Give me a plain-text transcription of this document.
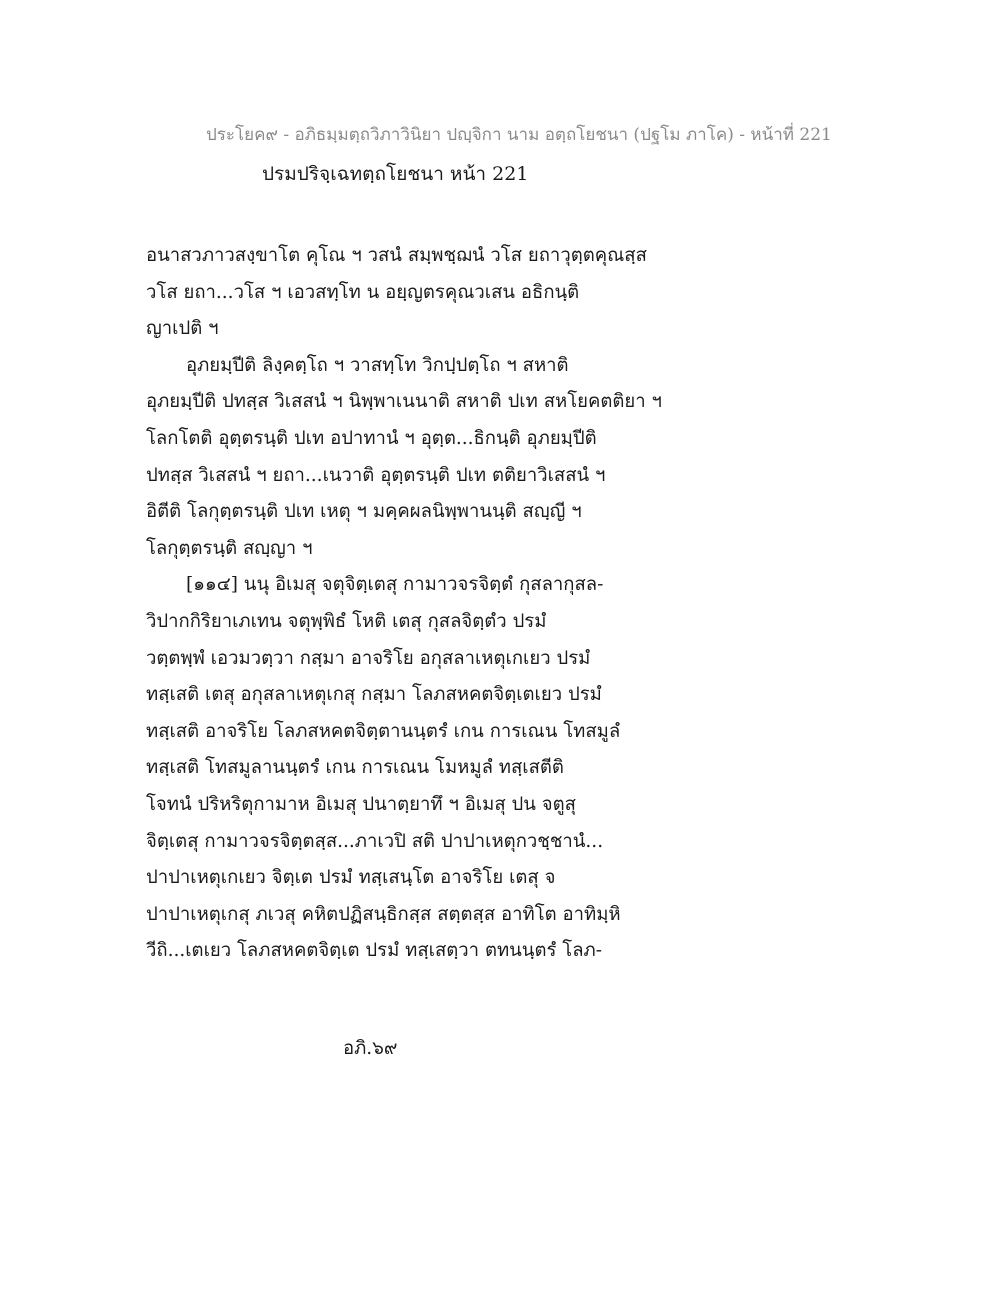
ประโยค๙ - อภิธมฺมตฺถวิภาวินิยา ปญฺจิกา นาม อตฺถโยชนา (ปฐโม ภาโค) - หน้าที่ 221
ปรมปริจฺเฉทตฺถโยชนา หน้า 221
อนาสวภาวสงฺขาโต คุโณ ฯ วสนํ สมฺพชฺฌนํ วโส ยถาวุตฺตคุณสฺส
วโส ยถา...วโส ฯ เอวสทฺโท น อยฺญตรคุณวเสน อธิกนฺติ
ญาเปติ ฯ
อุภยมฺปีติ ลิงฺคตฺโถ ฯ วาสทฺโท วิกปฺปตฺโถ ฯ สหาติ
อุภยมฺปีติ ปทสฺส วิเสสนํ ฯ นิพฺพาเนนาติ สหาติ ปเท สหโยคตติยา ฯ
โลกโตติ อุตฺตรนฺติ ปเท อปาทานํ ฯ อุตฺต...ธิกนฺติ อุภยมฺปีติ
ปทสฺส วิเสสนํ ฯ ยถา...เนวาติ อุตฺตรนฺติ ปเท ตติยาวิเสสนํ ฯ
อิตีติ โลกุตฺตรนฺติ ปเท เหตุ ฯ มคฺคผลนิพฺพานนฺติ สญฺญี ฯ
โลกุตฺตรนฺติ สญฺญา ฯ
[๑๑๔] นนุ อิเมสุ จตุจิตฺเตสุ กามาวจรจิตฺตํ กุสลากุสล-
วิปากกิริยาเภเทน จตุพฺพิธํ โหติ เตสุ กุสลจิตฺตํว ปรมํ
วตฺตพฺพํ เอวมวตฺวา กสฺมา อาจริโย อกุสลาเหตุเกเยว ปรมํ
ทสฺเสติ เตสุ อกุสลาเหตุเกสุ กสฺมา โลภสหคตจิตฺเตเยว ปรมํ
ทสฺเสติ อาจริโย โลภสหคตจิตฺตานนฺตรํ เกน การเณน โทสมูลํ
ทสฺเสติ โทสมูลานนฺตรํ เกน การเณน โมหมูลํ ทสฺเสตีติ
โจทนํ ปริหริตุกามาห อิเมสุ ปนาตฺยาทึ ฯ อิเมสุ ปน จตูสุ
จิตฺเตสุ กามาวจรจิตฺตสฺส...ภาเวปิ สติ ปาปาเหตุกวชฺชานํ...
ปาปาเหตุเกเยว จิตฺเต ปรมํ ทสฺเสนฺโต อาจริโย เตสุ จ
ปาปาเหตุเกสุ ภเวสุ คหิตปฏิสนฺธิกสฺส สตฺตสฺส อาทิโต อาทิมฺหิ
วีถิ...เตเยว โลภสหคตจิตฺเต ปรมํ ทสฺเสตฺวา ตทนนฺตรํ โลภ-
อภิ.๖๙
